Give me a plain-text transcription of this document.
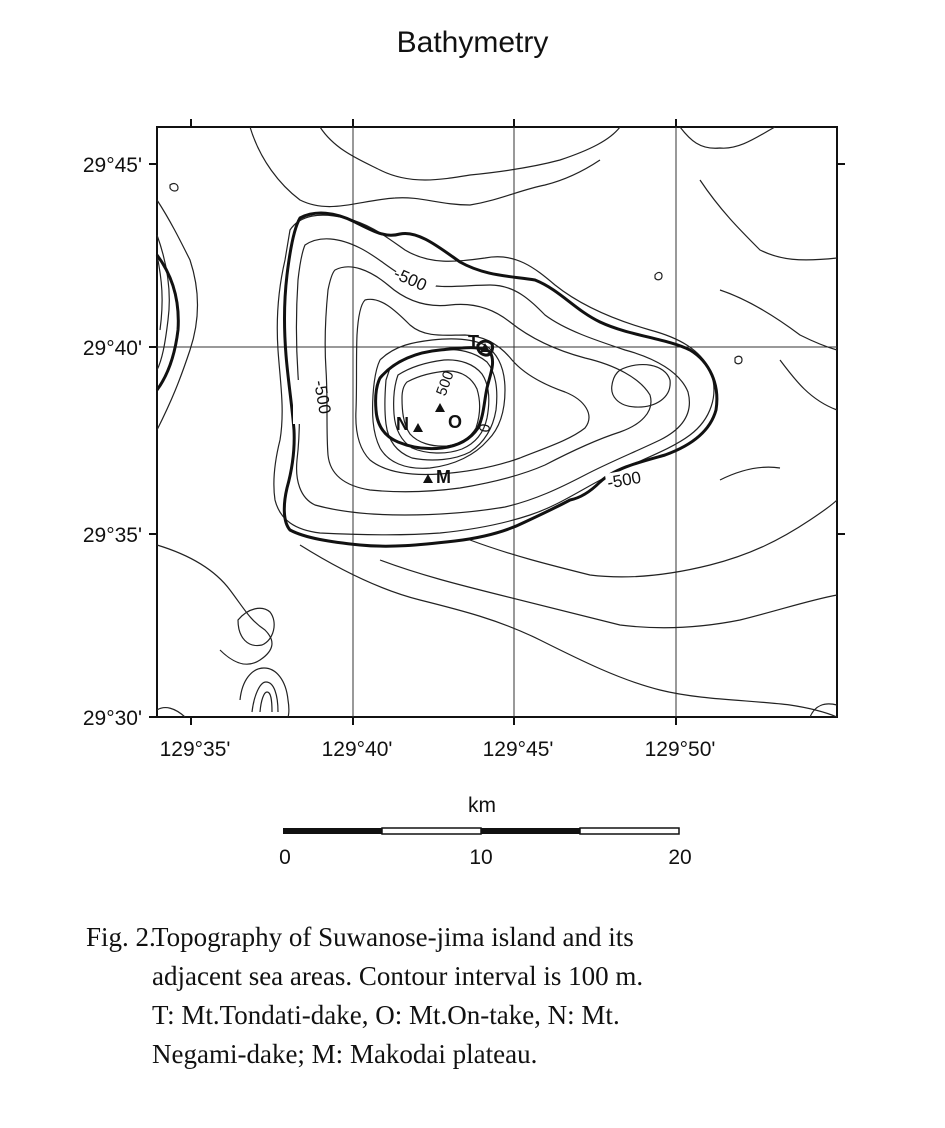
Bathymetry
-500
-500
-500
500
0
T
O
N
M
29°45'
29°40'
29°35'
29°30'
129°35'	129°40'	129°45'	129°50'
km
0	10	20
Fig. 2.Topography of Suwanose-jima island and its
adjacent sea areas. Contour interval is 100 m.
T: Mt.Tondati-dake, O: Mt.On-take, N: Mt.
Negami-dake; M: Makodai plateau.
